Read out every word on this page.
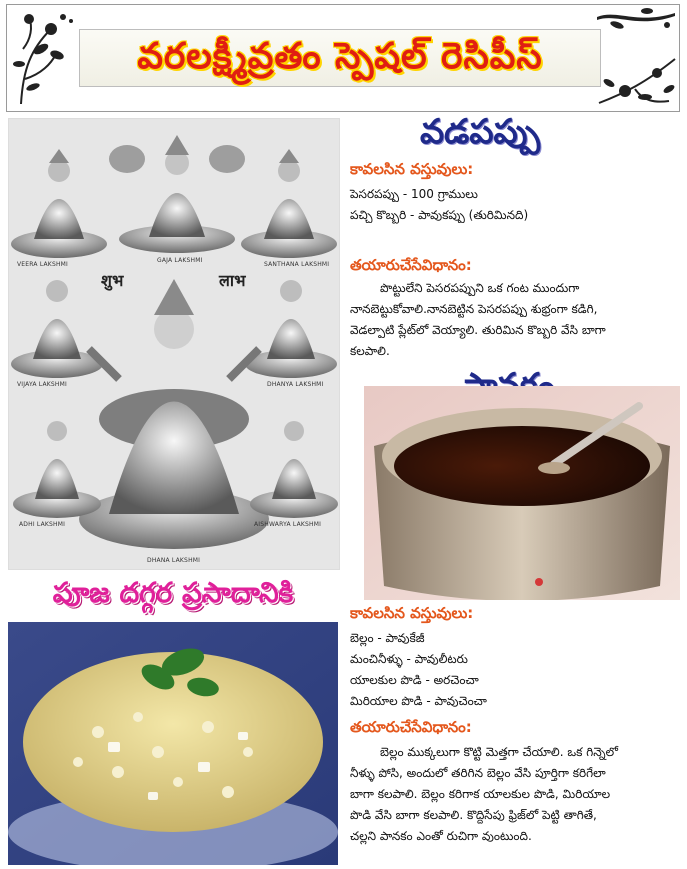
వరలక్ష్మీవ్రతం స్పెషల్ రెసిపీస్
VEERA LAKSHMI
GAJA LAKSHMI
SANTHANA LAKSHMI
VIJAYA LAKSHMI	DHANYA LAKSHMI
ADHI LAKSHMI
DHANA LAKSHMI
AISHWARYA LAKSHMI
शुभ	लाभ
పూజ దగ్గర ప్రసాదానికి
వడపప్పు
కావలసిన వస్తువులు:
పెసరపప్పు - 100 గ్రాములు
పచ్చి కొబ్బరి - పావుకప్పు (తురిమినది)
తయారుచేసేవిధానం:
పొట్టులేని పెసరపప్పుని ఒక గంట ముందుగా
నానబెట్టుకోవాలి.నానబెట్టిన పెసరపప్పు శుభ్రంగా కడిగి,
వెడల్పాటి ప్లేట్‌లో వెయ్యాలి. తురిమిన కొబ్బరి వేసి బాగా
కలపాలి.
కావలసిన వస్తువులు:
బెల్లం - పావుకేజీ
మంచినీళ్ళు - పావులీటరు
యాలకుల పొడి - అరచెంచా
మిరియాల పొడి - పావుచెంచా
తయారుచేసేవిధానం:
బెల్లం ముక్కలుగా కొట్టి మెత్తగా చేయాలి. ఒక గిన్నెలో
నీళ్ళు పోసి, అందులో తరిగిన బెల్లం వేసి పూర్తిగా కరిగేలా
బాగా కలపాలి. బెల్లం కరిగాక యాలకుల పొడి, మిరియాల
పొడి వేసి బాగా కలపాలి. కొద్దిసేపు ఫ్రిజ్‌లో పెట్టి తాగితే,
చల్లని పానకం ఎంతో రుచిగా వుంటుంది.
